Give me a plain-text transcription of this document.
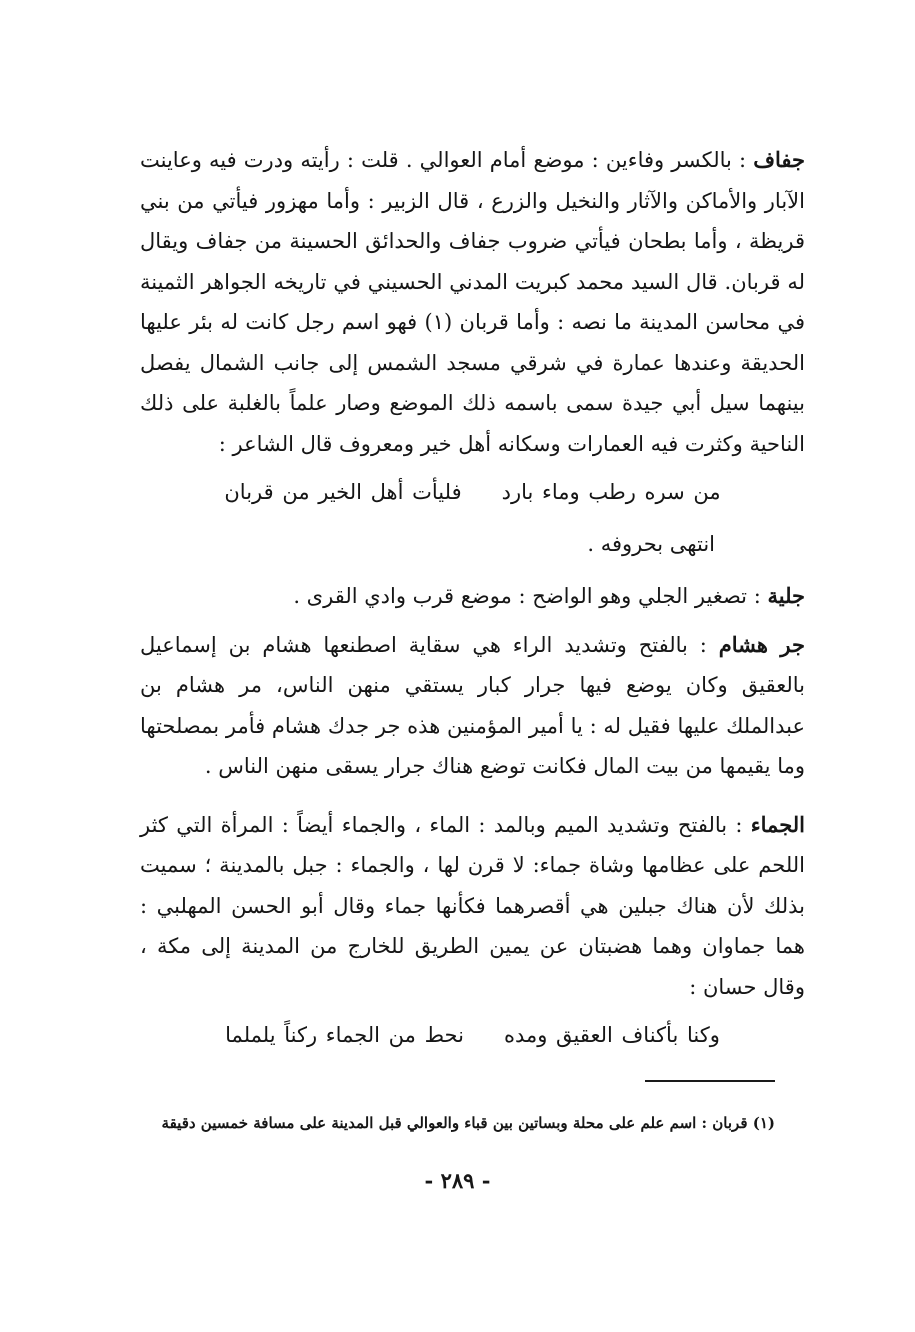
جفاف : بالكسر وفاءين : موضع أمام العوالي . قلت : رأيته ودرت فيه وعاينت الآبار والأماكن والآثار والنخيل والزرع ، قال الزبير : وأما مهزور فيأتي من بني قريظة ، وأما بطحان فيأتي ضروب جفاف والحدائق الحسينة من جفاف ويقال له قربان. قال السيد محمد كبريت المدني الحسيني في تاريخه الجواهر الثمينة في محاسن المدينة ما نصه : وأما قربان (١) فهو اسم رجل كانت له بئر عليها الحديقة وعندها عمارة في شرقي مسجد الشمس إلى جانب الشمال يفصل بينهما سيل أبي جيدة سمى باسمه ذلك الموضع وصار علماً بالغلبة على ذلك الناحية وكثرت فيه العمارات وسكانه أهل خير ومعروف قال الشاعر :

من سره رطب وماء باردفليأت أهل الخير من قربان

انتهى بحروفه .

جلية : تصغير الجلي وهو الواضح : موضع قرب وادي القرى .

جر هشام : بالفتح وتشديد الراء هي سقاية اصطنعها هشام بن إسماعيل بالعقيق وكان يوضع فيها جرار كبار يستقي منهن الناس، مر هشام بن عبدالملك عليها فقيل له : يا أمير المؤمنين هذه جر جدك هشام فأمر بمصلحتها وما يقيمها من بيت المال فكانت توضع هناك جرار يسقى منهن الناس .

الجماء : بالفتح وتشديد الميم وبالمد : الماء ، والجماء أيضاً : المرأة التي كثر اللحم على عظامها وشاة جماء: لا قرن لها ، والجماء : جبل بالمدينة ؛ سميت بذلك لأن هناك جبلين هي أقصرهما فكأنها جماء وقال أبو الحسن المهلبي : هما جماوان وهما هضبتان عن يمين الطريق للخارج من المدينة إلى مكة ، وقال حسان :

وكنا بأكناف العقيق ومدهنحط من الجماء ركناً يلملما
(١) قربان : اسم علم على محلة وبساتين بين قباء والعوالي قبل المدينة على مسافة خمسين دقيقة
- ٢٨٩ -
